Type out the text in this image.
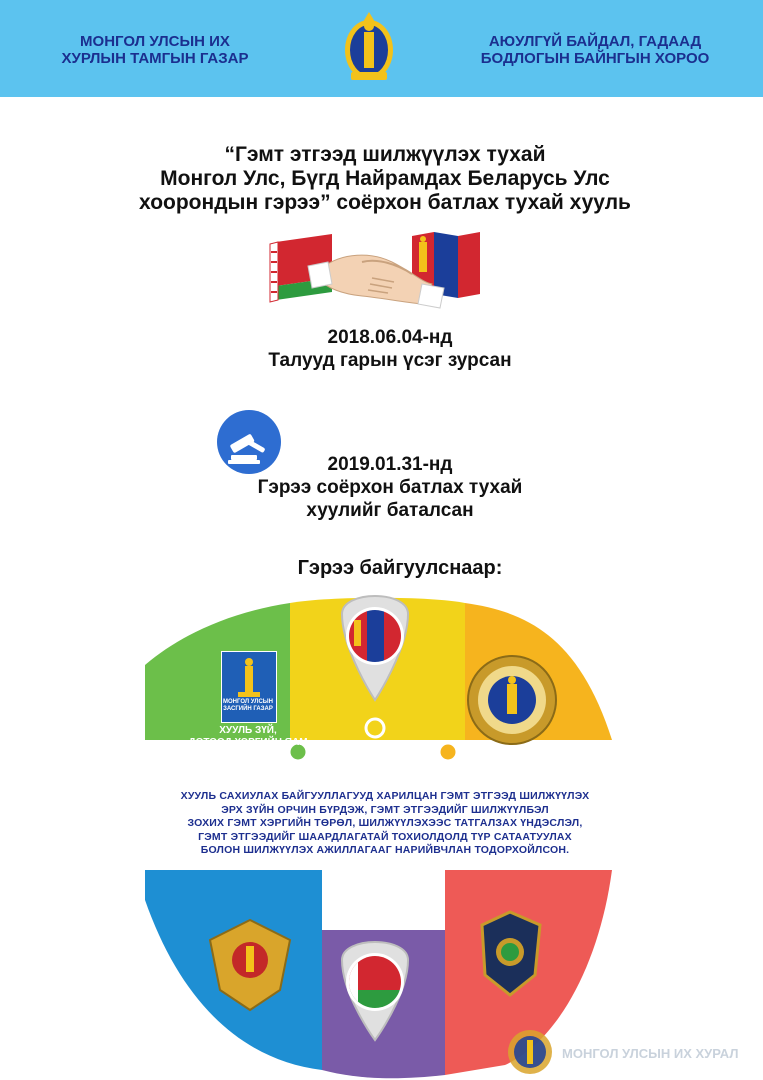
МОНГОЛ УЛСЫН ИХ
ХУРЛЫН ТАМГЫН ГАЗАР
АЮУЛГҮЙ БАЙДАЛ, ГАДААД
БОДЛОГЫН БАЙНГЫН ХОРОО
“Гэмт этгээд шилжүүлэх тухай
Монгол Улс, Бүгд Найрамдах Беларусь Улс
хоорондын гэрээ” соёрхон батлах тухай хууль
2018.06.04-нд
Талууд гарын үсэг зурсан
2019.01.31-нд
Гэрээ соёрхон батлах тухай
хуулийг баталсан
Гэрээ байгуулснаар:
МОНГОЛ УЛСЫН ЗАСГИЙН ГАЗАР
ХУУЛЬ ЗҮЙ,
ДОТООД ХЭРГИЙН ЯАМ
ХУУЛЬ САХИУЛАХ БАЙГУУЛЛАГУУД ХАРИЛЦАН ГЭМТ ЭТГЭЭД ШИЛЖҮҮЛЭХ
ЭРХ ЗҮЙН ОРЧИН БҮРДЭЖ, ГЭМТ ЭТГЭЭДИЙГ ШИЛЖҮҮЛБЭЛ
ЗОХИХ ГЭМТ ХЭРГИЙН ТӨРӨЛ, ШИЛЖҮҮЛЭХЭЭС ТАТГАЛЗАХ ҮНДЭСЛЭЛ,
ГЭМТ ЭТГЭЭДИЙГ ШААРДЛАГАТАЙ ТОХИОЛДОЛД ТҮР САТААТУУЛАХ
БОЛОН ШИЛЖҮҮЛЭХ АЖИЛЛАГААГ НАРИЙВЧЛАН ТОДОРХОЙЛСОН.
МОНГОЛ УЛСЫН ИХ ХУРАЛ
